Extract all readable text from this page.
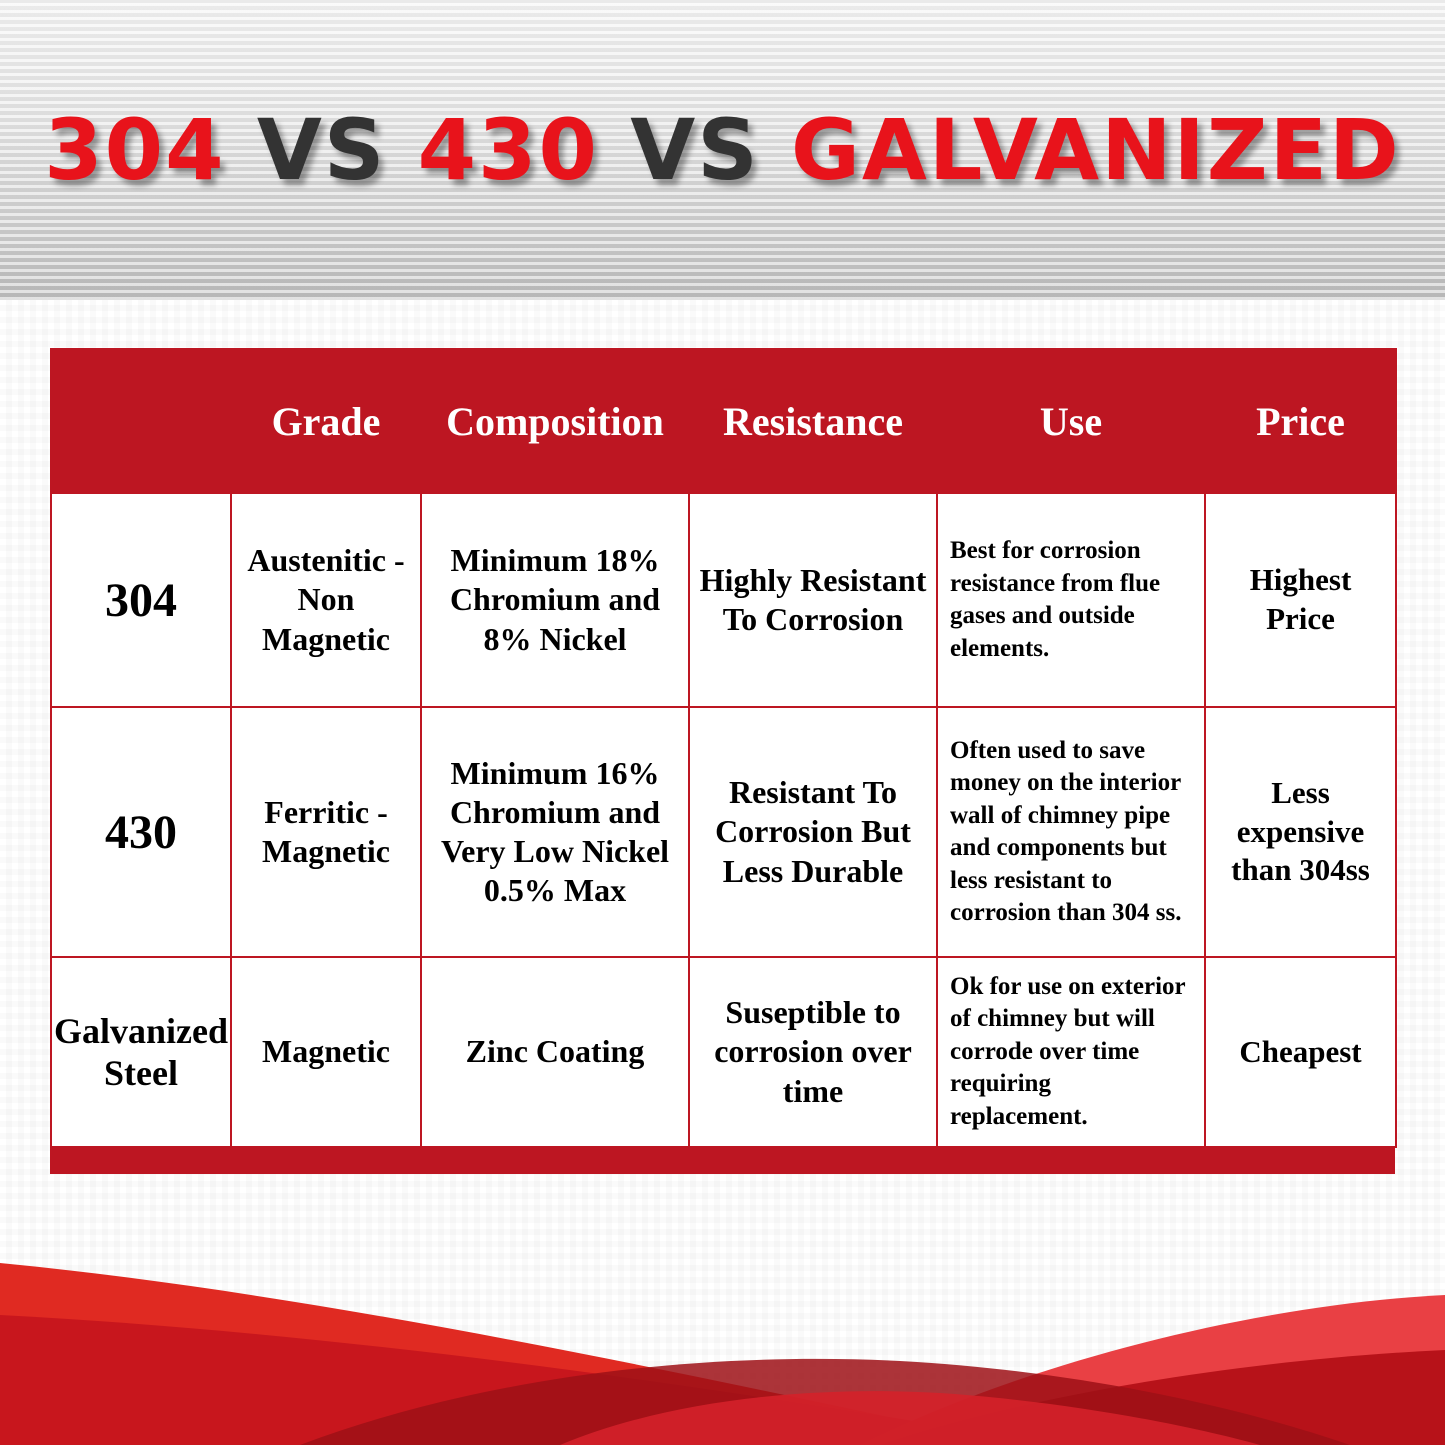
304 VS 430 VS GALVANIZED
	Grade	Composition	Resistance	Use	Price
304	Austenitic - Non Magnetic	Minimum 18% Chromium and 8% Nickel	Highly Resistant To Corrosion	Best for corrosion resistance from flue gases and outside elements.	Highest Price
430	Ferritic - Magnetic	Minimum 16% Chromium and Very Low Nickel 0.5% Max	Resistant To Corrosion But Less Durable	Often used to save money on the interior wall of chimney pipe and components but less resistant to corrosion than 304 ss.	Less expensive than 304ss
Galvanized Steel	Magnetic	Zinc Coating	Suseptible to corrosion over time	Ok for use on exterior of chimney but will corrode over time requiring replacement.	Cheapest
